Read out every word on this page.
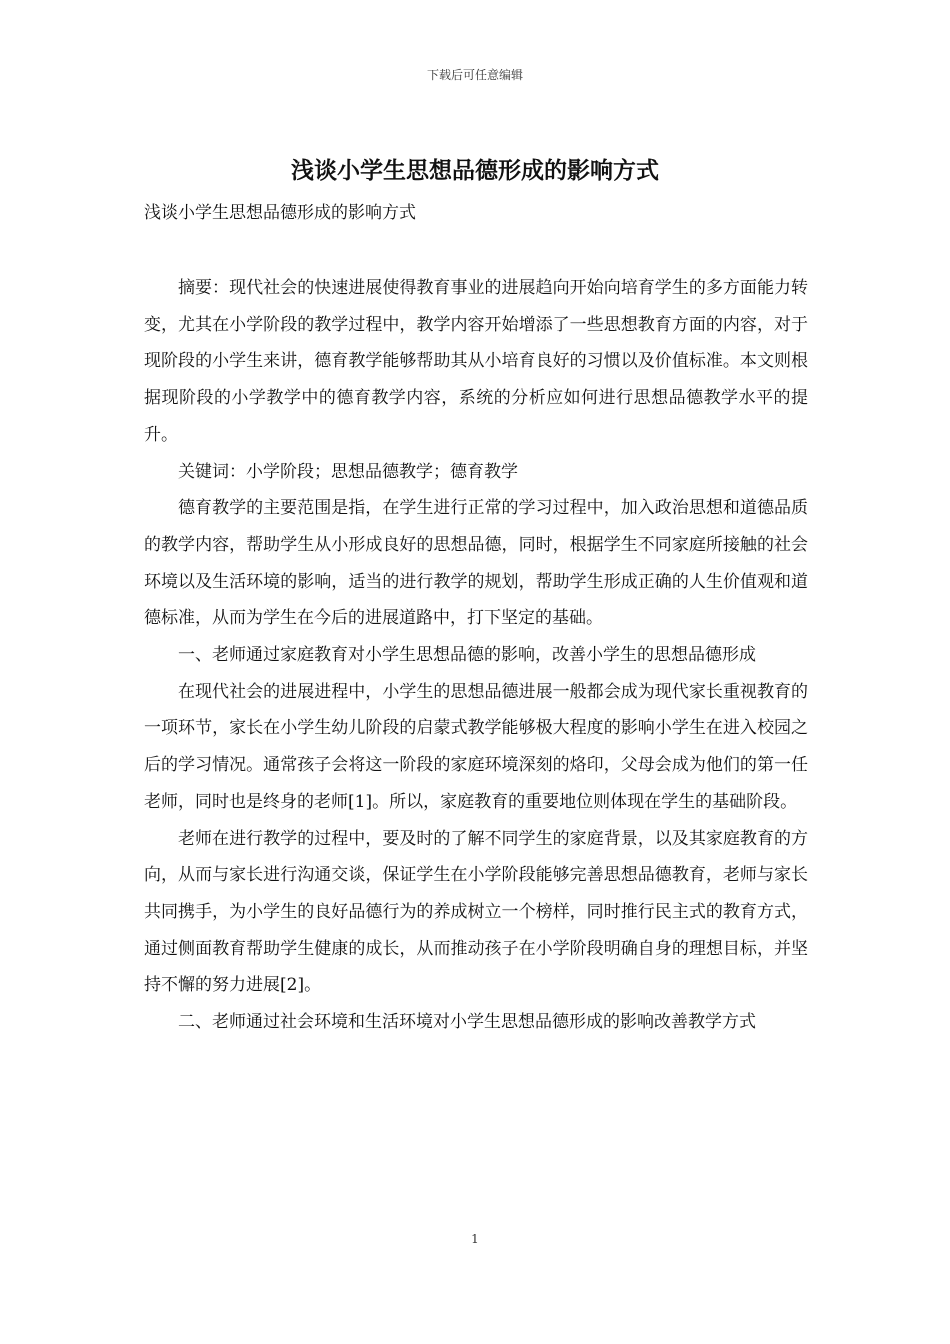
下载后可任意编辑
浅谈小学生思想品德形成的影响方式

浅谈小学生思想品德形成的影响方式

摘要：现代社会的快速进展使得教育事业的进展趋向开始向培育学生的多方面能力转变，尤其在小学阶段的教学过程中，教学内容开始增添了一些思想教育方面的内容，对于现阶段的小学生来讲，德育教学能够帮助其从小培育良好的习惯以及价值标准。本文则根据现阶段的小学教学中的德育教学内容，系统的分析应如何进行思想品德教学水平的提升。

关键词：小学阶段；思想品德教学；德育教学

德育教学的主要范围是指，在学生进行正常的学习过程中，加入政治思想和道德品质的教学内容，帮助学生从小形成良好的思想品德，同时，根据学生不同家庭所接触的社会环境以及生活环境的影响，适当的进行教学的规划，帮助学生形成正确的人生价值观和道德标准，从而为学生在今后的进展道路中，打下坚定的基础。

一、老师通过家庭教育对小学生思想品德的影响，改善小学生的思想品德形成

在现代社会的进展进程中，小学生的思想品德进展一般都会成为现代家长重视教育的一项环节，家长在小学生幼儿阶段的启蒙式教学能够极大程度的影响小学生在进入校园之后的学习情况。通常孩子会将这一阶段的家庭环境深刻的烙印，父母会成为他们的第一任老师，同时也是终身的老师[1]。所以，家庭教育的重要地位则体现在学生的基础阶段。

老师在进行教学的过程中，要及时的了解不同学生的家庭背景，以及其家庭教育的方向，从而与家长进行沟通交谈，保证学生在小学阶段能够完善思想品德教育，老师与家长共同携手，为小学生的良好品德行为的养成树立一个榜样，同时推行民主式的教育方式，通过侧面教育帮助学生健康的成长，从而推动孩子在小学阶段明确自身的理想目标，并坚持不懈的努力进展[2]。

二、老师通过社会环境和生活环境对小学生思想品德形成的影响改善教学方式

1
